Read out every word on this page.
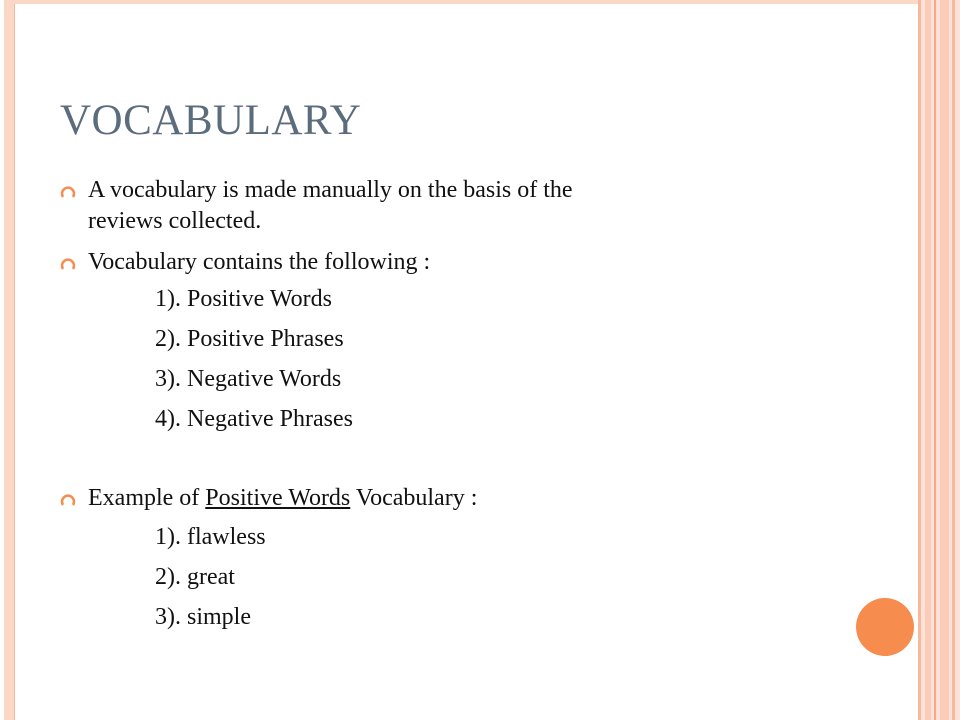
VOCABULARY
A vocabulary is made manually on the basis of the
reviews collected.
Vocabulary contains the following :
1). Positive Words
2). Positive Phrases
3). Negative Words
4). Negative Phrases
Example of Positive Words Vocabulary :
1). flawless
2). great
3). simple
